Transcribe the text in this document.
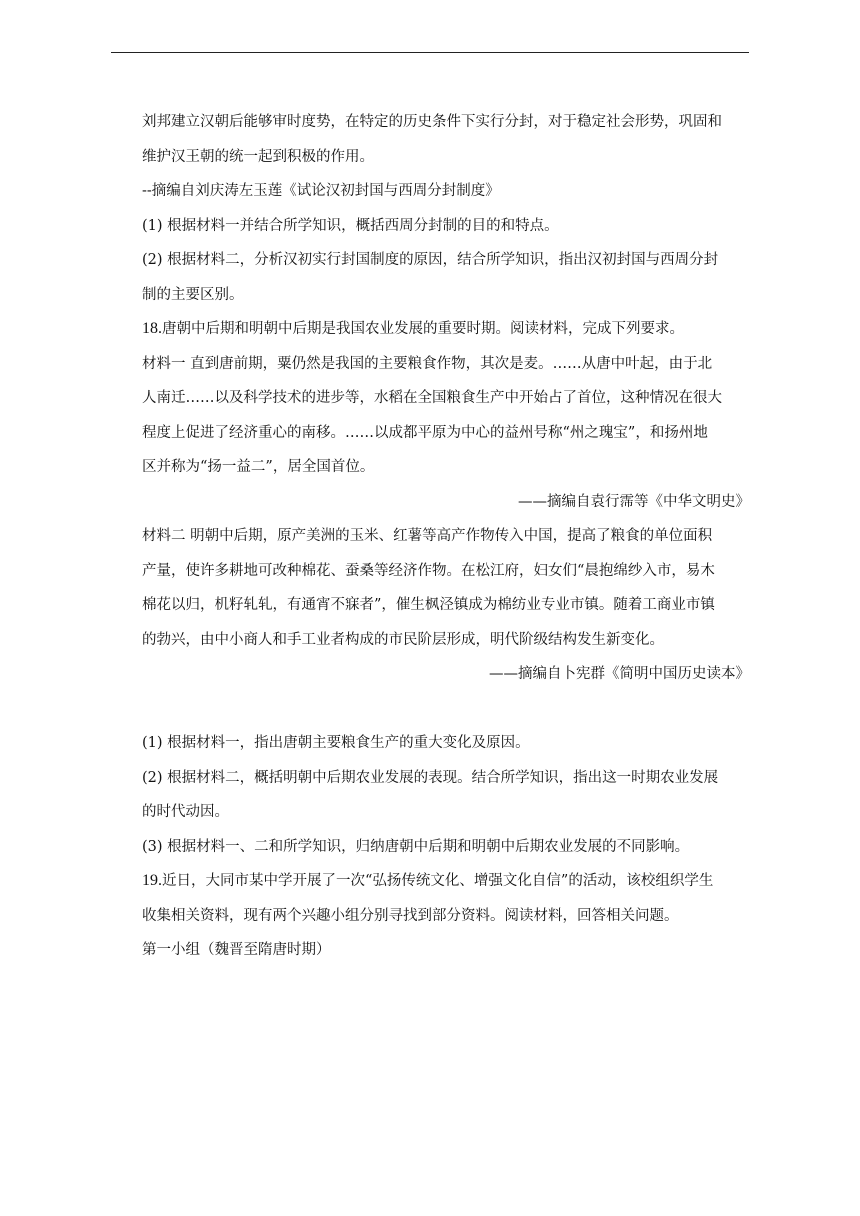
刘邦建立汉朝后能够审时度势，在特定的历史条件下实行分封，对于稳定社会形势，巩固和
维护汉王朝的统一起到积极的作用。
--摘编自刘庆涛左玉莲《试论汉初封国与西周分封制度》
(1) 根据材料一并结合所学知识，概括西周分封制的目的和特点。
(2) 根据材料二，分析汉初实行封国制度的原因，结合所学知识，指出汉初封国与西周分封
制的主要区别。
18.唐朝中后期和明朝中后期是我国农业发展的重要时期。阅读材料，完成下列要求。
材料一 直到唐前期，粟仍然是我国的主要粮食作物，其次是麦。……从唐中叶起，由于北
人南迁……以及科学技术的进步等，水稻在全国粮食生产中开始占了首位，这种情况在很大
程度上促进了经济重心的南移。……以成都平原为中心的益州号称“州之瑰宝”，和扬州地
区并称为“扬一益二”，居全国首位。
——摘编自袁行霈等《中华文明史》
材料二 明朝中后期，原产美洲的玉米、红薯等高产作物传入中国，提高了粮食的单位面积
产量，使许多耕地可改种棉花、蚕桑等经济作物。在松江府，妇女们“晨抱绵纱入市，易木
棉花以归，机籽轧轧，有通宵不寐者”，催生枫泾镇成为棉纺业专业市镇。随着工商业市镇
的勃兴，由中小商人和手工业者构成的市民阶层形成，明代阶级结构发生新变化。
——摘编自卜宪群《简明中国历史读本》
(1) 根据材料一，指出唐朝主要粮食生产的重大变化及原因。
(2) 根据材料二，概括明朝中后期农业发展的表现。结合所学知识，指出这一时期农业发展
的时代动因。
(3) 根据材料一、二和所学知识，归纳唐朝中后期和明朝中后期农业发展的不同影响。
19.近日，大同市某中学开展了一次“弘扬传统文化、增强文化自信”的活动，该校组织学生
收集相关资料，现有两个兴趣小组分别寻找到部分资料。阅读材料，回答相关问题。
第一小组（魏晋至隋唐时期）
